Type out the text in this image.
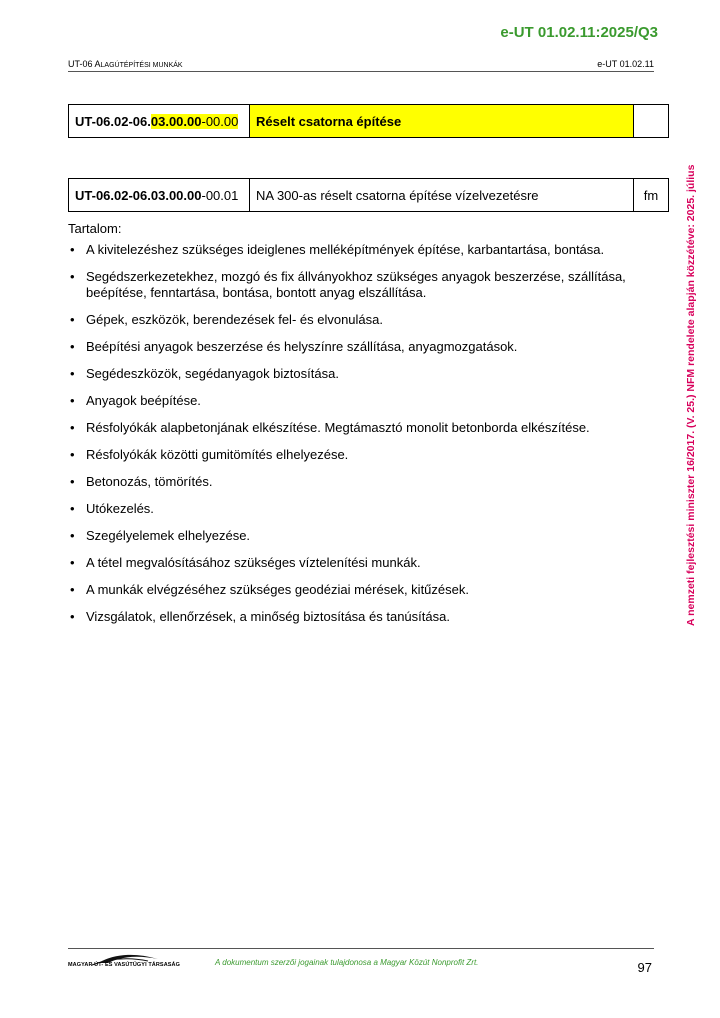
e-UT 01.02.11:2025/Q3
UT-06 ALAGÚTÉPÍTÉSI MUNKÁK	e-UT 01.02.11
UT-06.02-06.03.00.00-00.00	Réselt csatorna építése	
UT-06.02-06.03.00.00-00.01	NA 300-as réselt csatorna építése vízelvezetésre	fm
Tartalom:
• A kivitelezéshez szükséges ideiglenes melléképítmények építése, karbantartása, bontása.
• Segédszerkezetekhez, mozgó és fix állványokhoz szükséges anyagok beszerzése, szállítása, beépítése, fenntartása, bontása, bontott anyag elszállítása.
• Gépek, eszközök, berendezések fel- és elvonulása.
• Beépítési anyagok beszerzése és helyszínre szállítása, anyagmozgatások.
• Segédeszközök, segédanyagok biztosítása.
• Anyagok beépítése.
• Résfolyókák alapbetonjának elkészítése. Megtámasztó monolit betonborda elkészítése.
• Résfolyókák közötti gumitömítés elhelyezése.
• Betonozás, tömörítés.
• Utókezelés.
• Szegélyelemek elhelyezése.
• A tétel megvalósításához szükséges víztelenítési munkák.
• A munkák elvégzéséhez szükséges geodéziai mérések, kitűzések.
• Vizsgálatok, ellenőrzések, a minőség biztosítása és tanúsítása.	A nemzeti fejlesztési miniszter 16/2017. (V. 25.) NFM rendelete alapján közzétéve: 2025. július
MAGYAR ÚT- ÉS VASÚTÜGYI TÁRSASÁG	A dokumentum szerzői jogainak tulajdonosa a Magyar Közút Nonprofit Zrt.	97
